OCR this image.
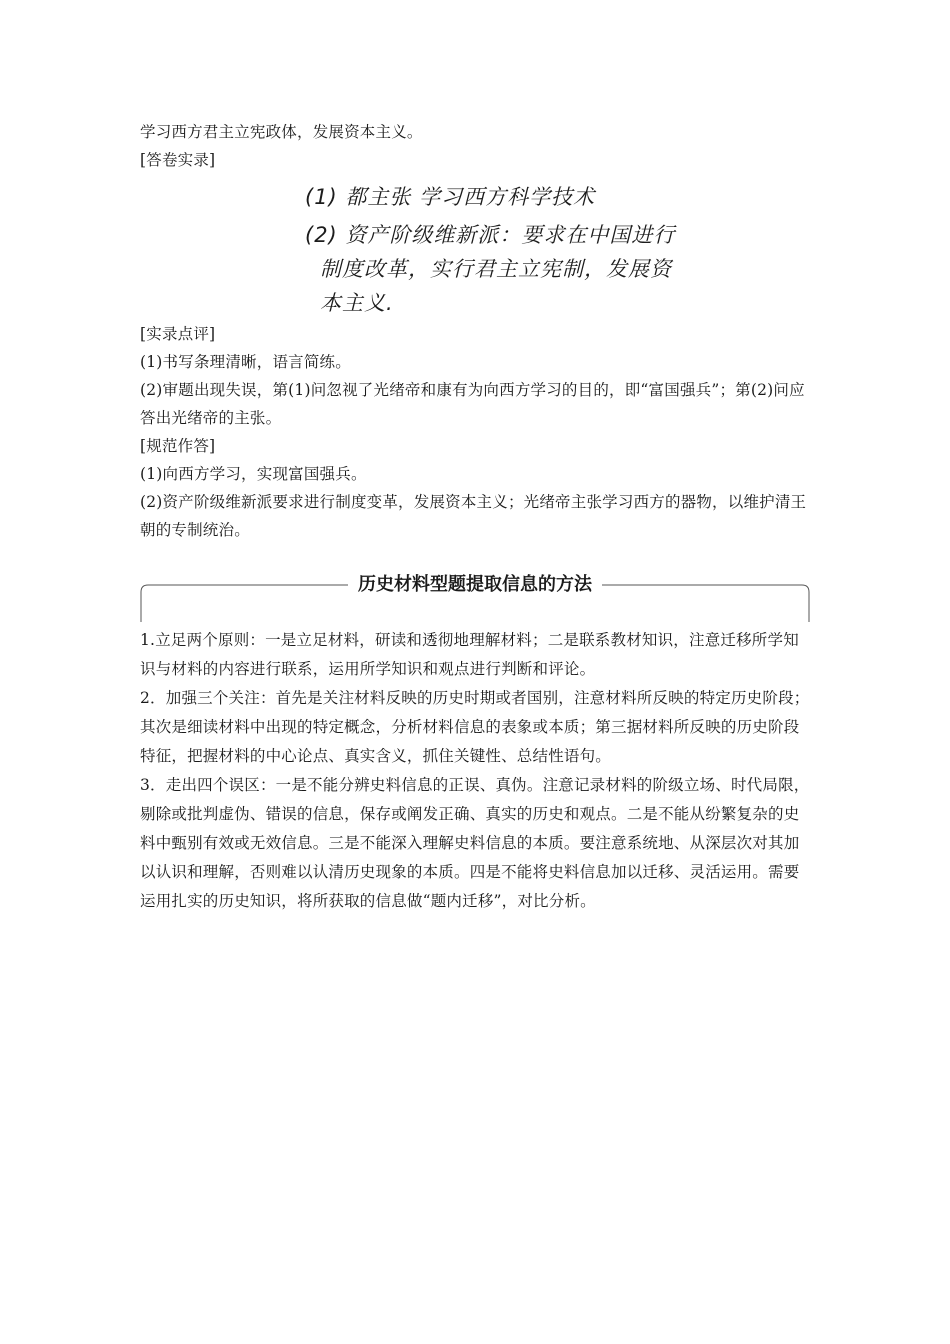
学习西方君主立宪政体，发展资本主义。
[答卷实录]
(1) 都主张 学习西方科学技术
(2) 资产阶级维新派：要求在中国进行
制度改革，实行君主立宪制，发展资
本主义.
[实录点评]
(1)书写条理清晰，语言简练。
(2)审题出现失误，第(1)问忽视了光绪帝和康有为向西方学习的目的，即“富国强兵”；第(2)问应答出光绪帝的主张。
[规范作答]
(1)向西方学习，实现富国强兵。
(2)资产阶级维新派要求进行制度变革，发展资本主义；光绪帝主张学习西方的器物，以维护清王朝的专制统治。
历史材料型题提取信息的方法
1.立足两个原则：一是立足材料，研读和透彻地理解材料；二是联系教材知识，注意迁移所学知识与材料的内容进行联系，运用所学知识和观点进行判断和评论。
2．加强三个关注：首先是关注材料反映的历史时期或者国别，注意材料所反映的特定历史阶段；其次是细读材料中出现的特定概念，分析材料信息的表象或本质；第三据材料所反映的历史阶段特征，把握材料的中心论点、真实含义，抓住关键性、总结性语句。
3．走出四个误区：一是不能分辨史料信息的正误、真伪。注意记录材料的阶级立场、时代局限，剔除或批判虚伪、错误的信息，保存或阐发正确、真实的历史和观点。二是不能从纷繁复杂的史料中甄别有效或无效信息。三是不能深入理解史料信息的本质。要注意系统地、从深层次对其加以认识和理解，否则难以认清历史现象的本质。四是不能将史料信息加以迁移、灵活运用。需要运用扎实的历史知识，将所获取的信息做“题内迁移”，对比分析。
